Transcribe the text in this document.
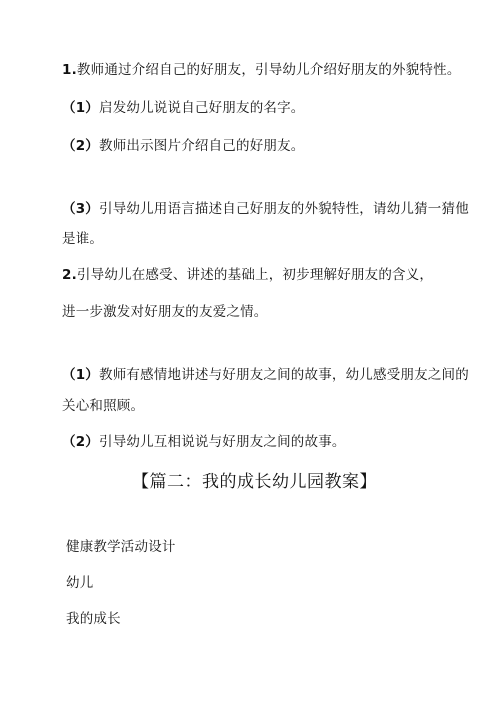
1.教师通过介绍自己的好朋友，引导幼儿介绍好朋友的外貌特性。
（1）启发幼儿说说自己好朋友的名字。
（2）教师出示图片介绍自己的好朋友。
（3）引导幼儿用语言描述自己好朋友的外貌特性，请幼儿猜一猜他
是谁。
2.引导幼儿在感受、讲述的基础上，初步理解好朋友的含义，
进一步激发对好朋友的友爱之情。
（1）教师有感情地讲述与好朋友之间的故事，幼儿感受朋友之间的
关心和照顾。
（2）引导幼儿互相说说与好朋友之间的故事。
【篇二：我的成长幼儿园教案】
健康教学活动设计
幼儿
我的成长
